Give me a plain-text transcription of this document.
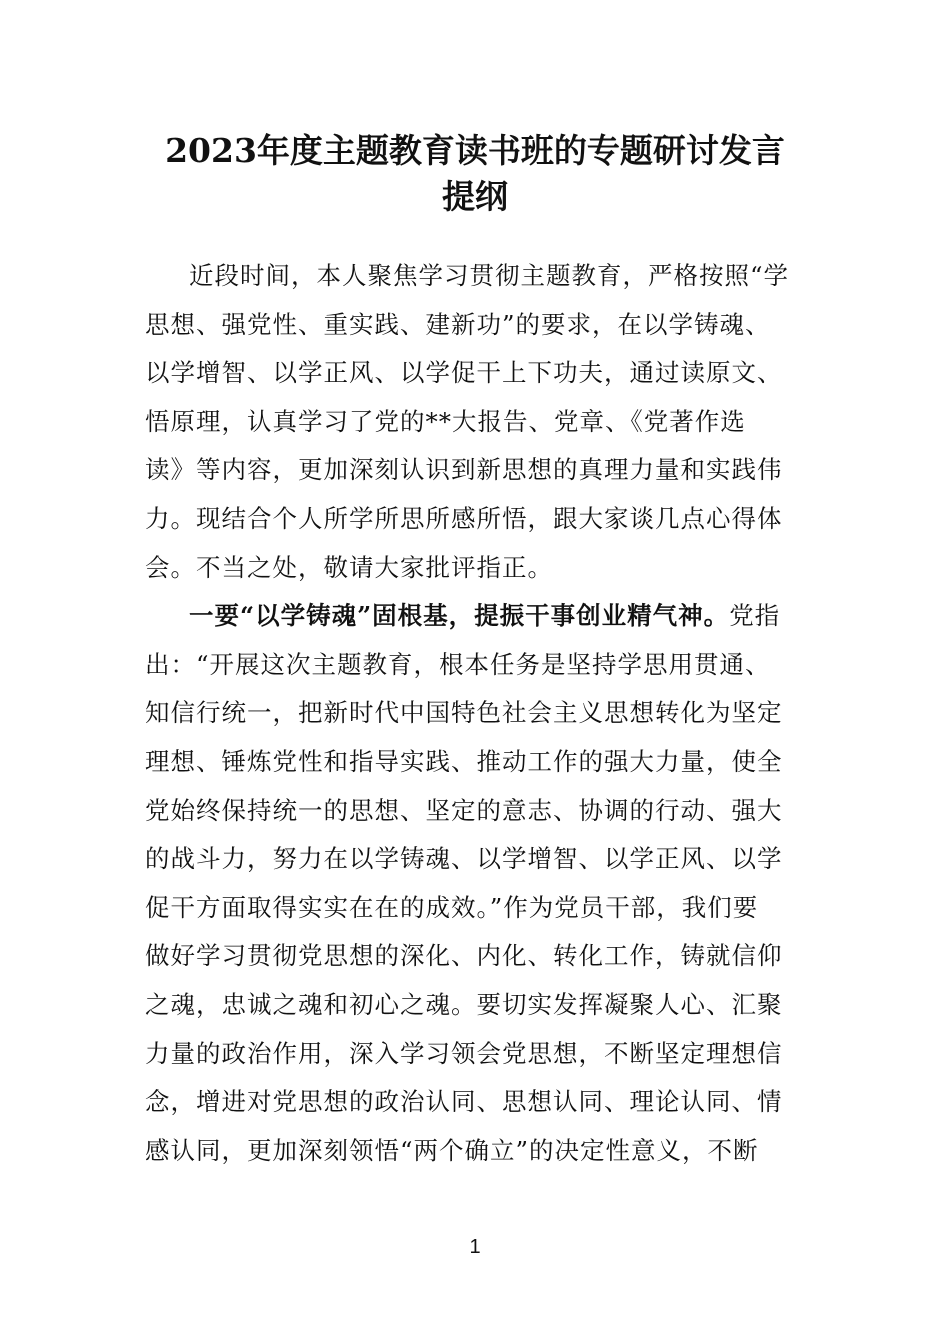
2023年度主题教育读书班的专题研讨发言
提纲
近段时间，本人聚焦学习贯彻主题教育，严格按照“学
思想、强党性、重实践、建新功”的要求，在以学铸魂、
以学增智、以学正风、以学促干上下功夫，通过读原文、
悟原理，认真学习了党的**大报告、党章、《党著作选
读》等内容，更加深刻认识到新思想的真理力量和实践伟
力。现结合个人所学所思所感所悟，跟大家谈几点心得体
会。不当之处，敬请大家批评指正。
一要“以学铸魂”固根基，提振干事创业精气神。党指
出：“开展这次主题教育，根本任务是坚持学思用贯通、
知信行统一，把新时代中国特色社会主义思想转化为坚定
理想、锤炼党性和指导实践、推动工作的强大力量，使全
党始终保持统一的思想、坚定的意志、协调的行动、强大
的战斗力，努力在以学铸魂、以学增智、以学正风、以学
促干方面取得实实在在的成效。”作为党员干部，我们要
做好学习贯彻党思想的深化、内化、转化工作，铸就信仰
之魂，忠诚之魂和初心之魂。要切实发挥凝聚人心、汇聚
力量的政治作用，深入学习领会党思想，不断坚定理想信
念，增进对党思想的政治认同、思想认同、理论认同、情
感认同，更加深刻领悟“两个确立”的决定性意义，不断
1
